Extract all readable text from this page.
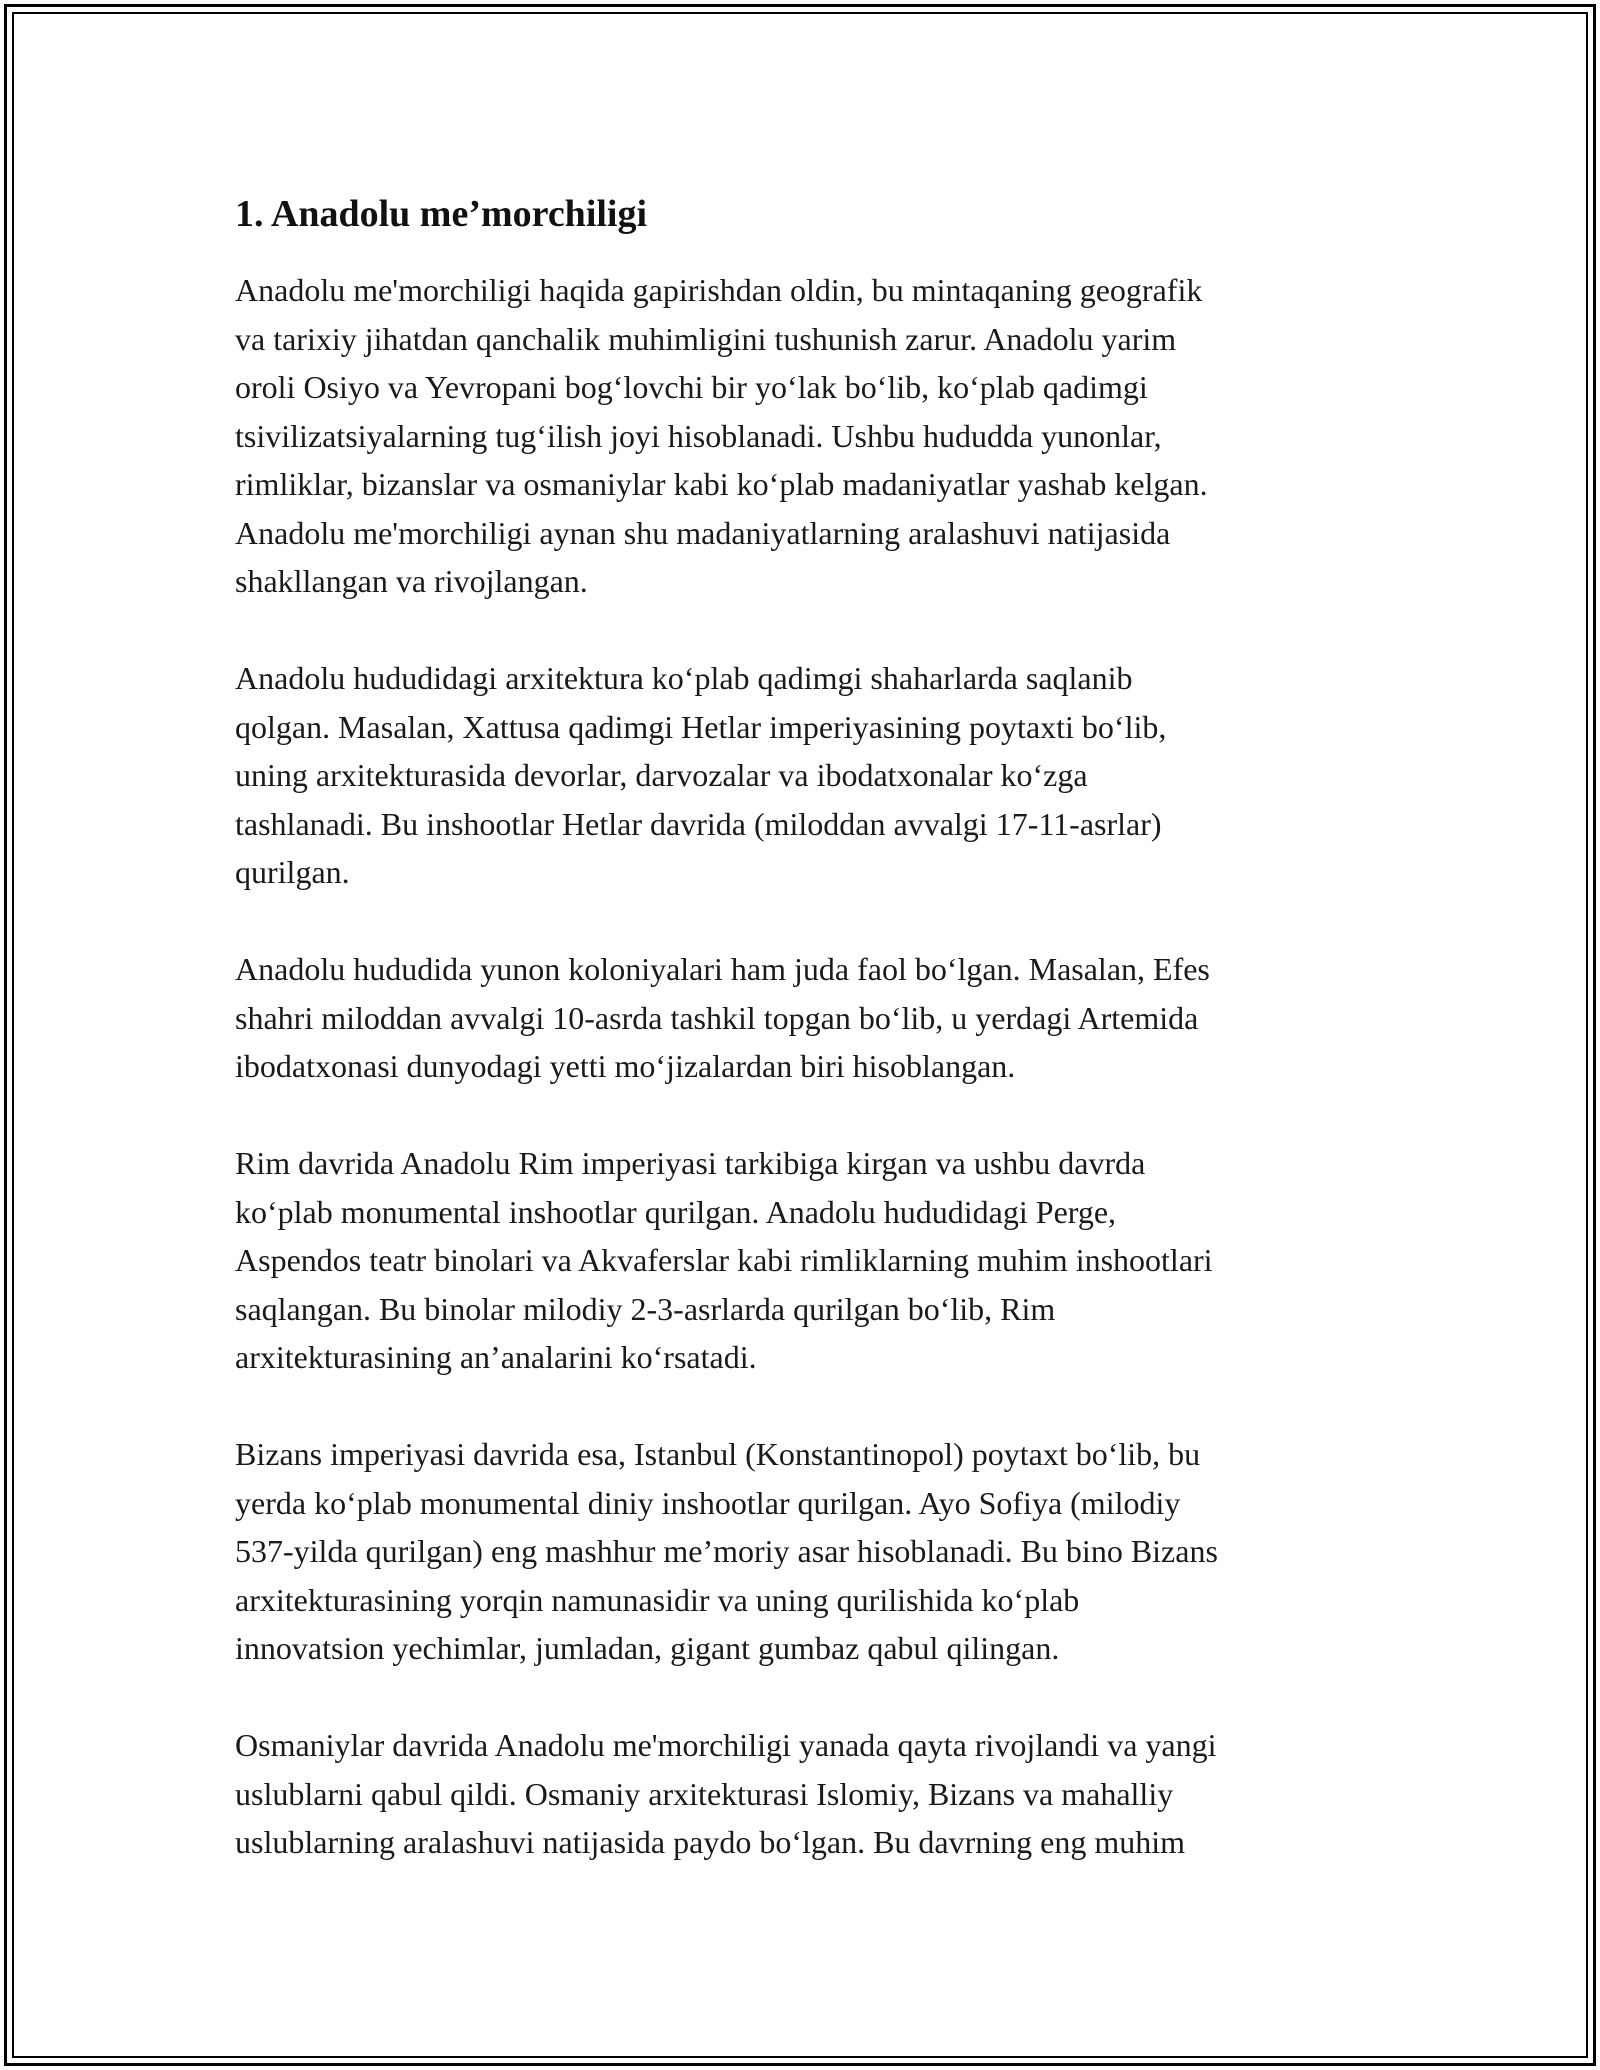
1. Anadolu me’morchiligi

Anadolu me'morchiligi haqida gapirishdan oldin, bu mintaqaning geografik
va tarixiy jihatdan qanchalik muhimligini tushunish zarur. Anadolu yarim
oroli Osiyo va Yevropani bog‘lovchi bir yo‘lak bo‘lib, ko‘plab qadimgi
tsivilizatsiyalarning tug‘ilish joyi hisoblanadi. Ushbu hududda yunonlar,
rimliklar, bizanslar va osmaniylar kabi ko‘plab madaniyatlar yashab kelgan.
Anadolu me'morchiligi aynan shu madaniyatlarning aralashuvi natijasida
shakllangan va rivojlangan.

Anadolu hududidagi arxitektura ko‘plab qadimgi shaharlarda saqlanib
qolgan. Masalan, Xattusa qadimgi Hetlar imperiyasining poytaxti bo‘lib,
uning arxitekturasida devorlar, darvozalar va ibodatxonalar ko‘zga
tashlanadi. Bu inshootlar Hetlar davrida (miloddan avvalgi 17-11-asrlar)
qurilgan.

Anadolu hududida yunon koloniyalari ham juda faol bo‘lgan. Masalan, Efes
shahri miloddan avvalgi 10-asrda tashkil topgan bo‘lib, u yerdagi Artemida
ibodatxonasi dunyodagi yetti mo‘jizalardan biri hisoblangan.

Rim davrida Anadolu Rim imperiyasi tarkibiga kirgan va ushbu davrda
ko‘plab monumental inshootlar qurilgan. Anadolu hududidagi Perge,
Aspendos teatr binolari va Akvaferslar kabi rimliklarning muhim inshootlari
saqlangan. Bu binolar milodiy 2-3-asrlarda qurilgan bo‘lib, Rim
arxitekturasining an’analarini ko‘rsatadi.

Bizans imperiyasi davrida esa, Istanbul (Konstantinopol) poytaxt bo‘lib, bu
yerda ko‘plab monumental diniy inshootlar qurilgan. Ayo Sofiya (milodiy
537-yilda qurilgan) eng mashhur me’moriy asar hisoblanadi. Bu bino Bizans
arxitekturasining yorqin namunasidir va uning qurilishida ko‘plab
innovatsion yechimlar, jumladan, gigant gumbaz qabul qilingan.

Osmaniylar davrida Anadolu me'morchiligi yanada qayta rivojlandi va yangi
uslublarni qabul qildi. Osmaniy arxitekturasi Islomiy, Bizans va mahalliy
uslublarning aralashuvi natijasida paydo bo‘lgan. Bu davrning eng muhim
